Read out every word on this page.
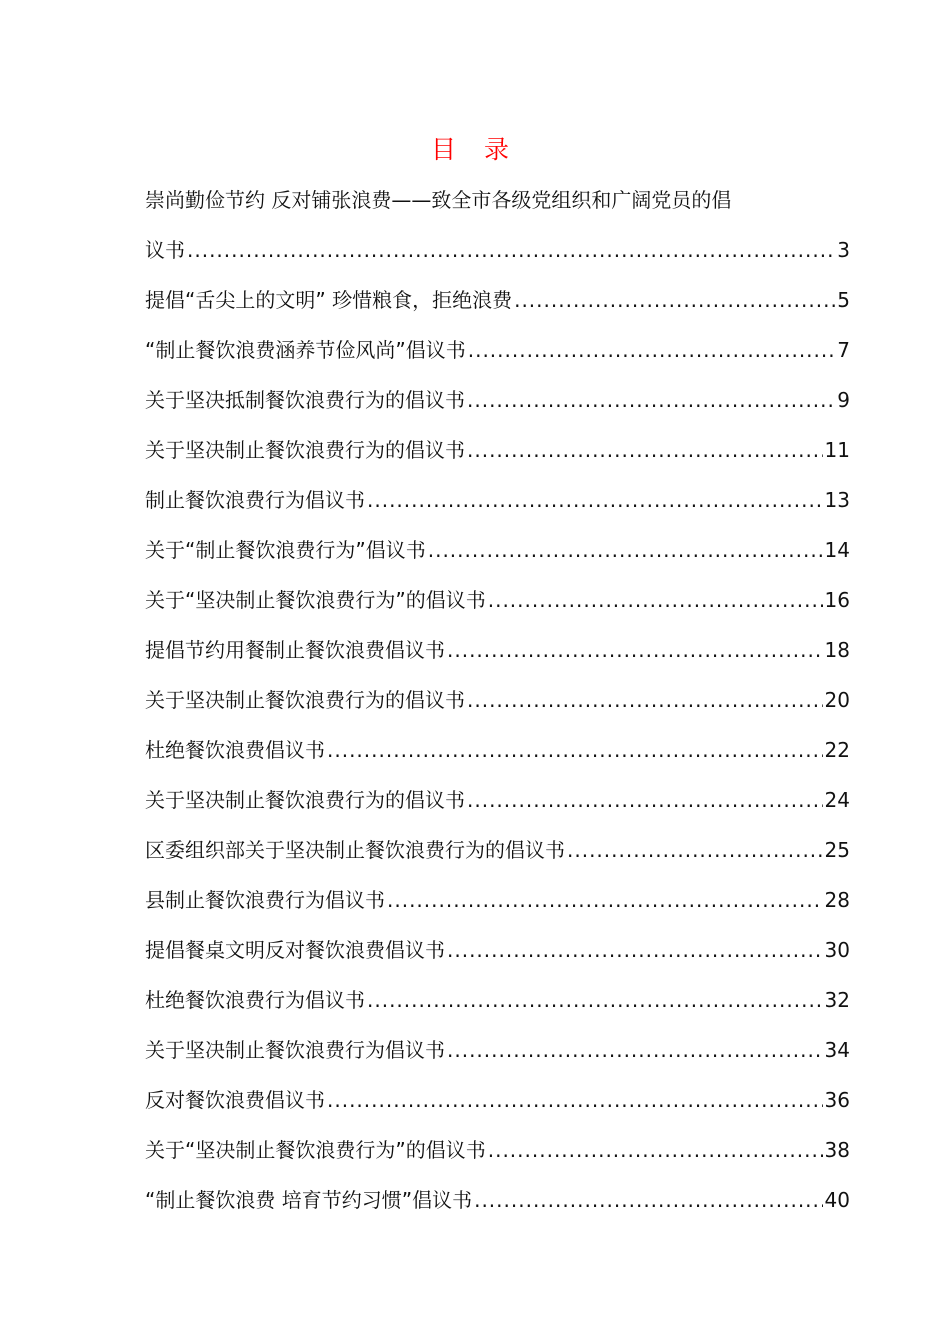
目 录
崇尚勤俭节约 反对铺张浪费——致全市各级党组织和广阔党员的倡
议书 .....	3
提倡“舌尖上的文明” 珍惜粮食，拒绝浪费 .....	5
“制止餐饮浪费涵养节俭风尚”倡议书 .....	7
关于坚决抵制餐饮浪费行为的倡议书 .....	9
关于坚决制止餐饮浪费行为的倡议书 .....	11
制止餐饮浪费行为倡议书 .....	13
关于“制止餐饮浪费行为”倡议书 .....	14
关于“坚决制止餐饮浪费行为”的倡议书 .....	16
提倡节约用餐制止餐饮浪费倡议书 .....	18
关于坚决制止餐饮浪费行为的倡议书 .....	20
杜绝餐饮浪费倡议书 .....	22
关于坚决制止餐饮浪费行为的倡议书 .....	24
区委组织部关于坚决制止餐饮浪费行为的倡议书 .....	25
县制止餐饮浪费行为倡议书 .....	28
提倡餐桌文明反对餐饮浪费倡议书 .....	30
杜绝餐饮浪费行为倡议书 .....	32
关于坚决制止餐饮浪费行为倡议书 .....	34
反对餐饮浪费倡议书 .....	36
关于“坚决制止餐饮浪费行为”的倡议书 .....	38
“制止餐饮浪费 培育节约习惯”倡议书 .....	40
